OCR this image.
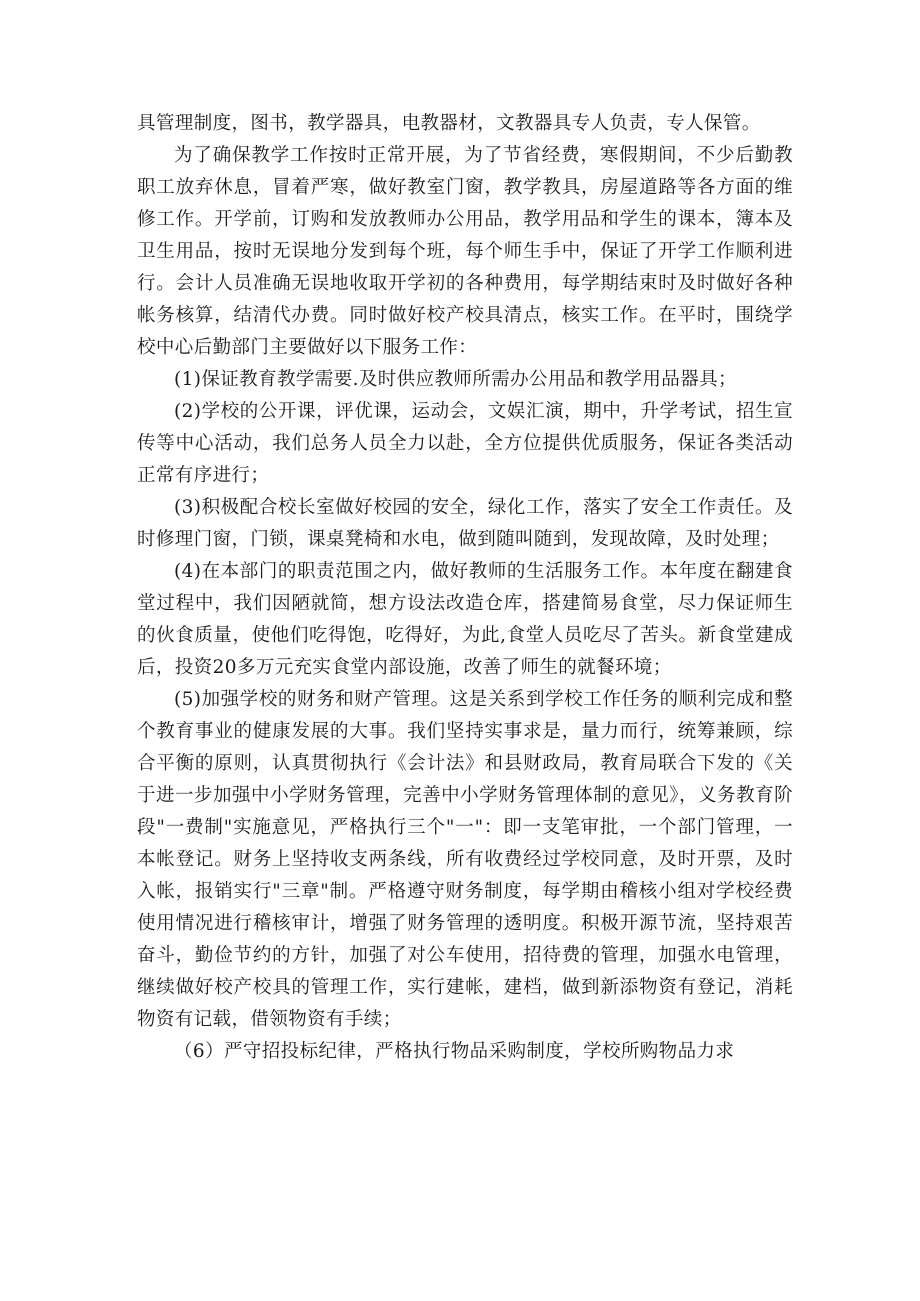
具管理制度，图书，教学器具，电教器材，文教器具专人负责，专人保管。

为了确保教学工作按时正常开展，为了节省经费，寒假期间，不少后勤教职工放弃休息，冒着严寒，做好教室门窗，教学教具，房屋道路等各方面的维修工作。开学前，订购和发放教师办公用品，教学用品和学生的课本，簿本及卫生用品，按时无误地分发到每个班，每个师生手中，保证了开学工作顺利进行。会计人员准确无误地收取开学初的各种费用，每学期结束时及时做好各种帐务核算，结清代办费。同时做好校产校具清点，核实工作。在平时，围绕学校中心后勤部门主要做好以下服务工作：

(1)保证教育教学需要.及时供应教师所需办公用品和教学用品器具；

(2)学校的公开课，评优课，运动会，文娱汇演，期中，升学考试，招生宣传等中心活动，我们总务人员全力以赴，全方位提供优质服务，保证各类活动正常有序进行；

(3)积极配合校长室做好校园的安全，绿化工作，落实了安全工作责任。及时修理门窗，门锁，课桌凳椅和水电，做到随叫随到，发现故障，及时处理；

(4)在本部门的职责范围之内，做好教师的生活服务工作。本年度在翻建食堂过程中，我们因陋就简，想方设法改造仓库，搭建简易食堂，尽力保证师生的伙食质量，使他们吃得饱，吃得好，为此,食堂人员吃尽了苦头。新食堂建成后，投资20多万元充实食堂内部设施，改善了师生的就餐环境；

(5)加强学校的财务和财产管理。这是关系到学校工作任务的顺利完成和整个教育事业的健康发展的大事。我们坚持实事求是，量力而行，统筹兼顾，综合平衡的原则，认真贯彻执行《会计法》和县财政局，教育局联合下发的《关于进一步加强中小学财务管理，完善中小学财务管理体制的意见》，义务教育阶段"一费制"实施意见，严格执行三个"一"：即一支笔审批，一个部门管理，一本帐登记。财务上坚持收支两条线，所有收费经过学校同意，及时开票，及时入帐，报销实行"三章"制。严格遵守财务制度，每学期由稽核小组对学校经费使用情况进行稽核审计，增强了财务管理的透明度。积极开源节流，坚持艰苦奋斗，勤俭节约的方针，加强了对公车使用，招待费的管理，加强水电管理，继续做好校产校具的管理工作，实行建帐，建档，做到新添物资有登记，消耗物资有记载，借领物资有手续；

（6）严守招投标纪律，严格执行物品采购制度，学校所购物品力求
